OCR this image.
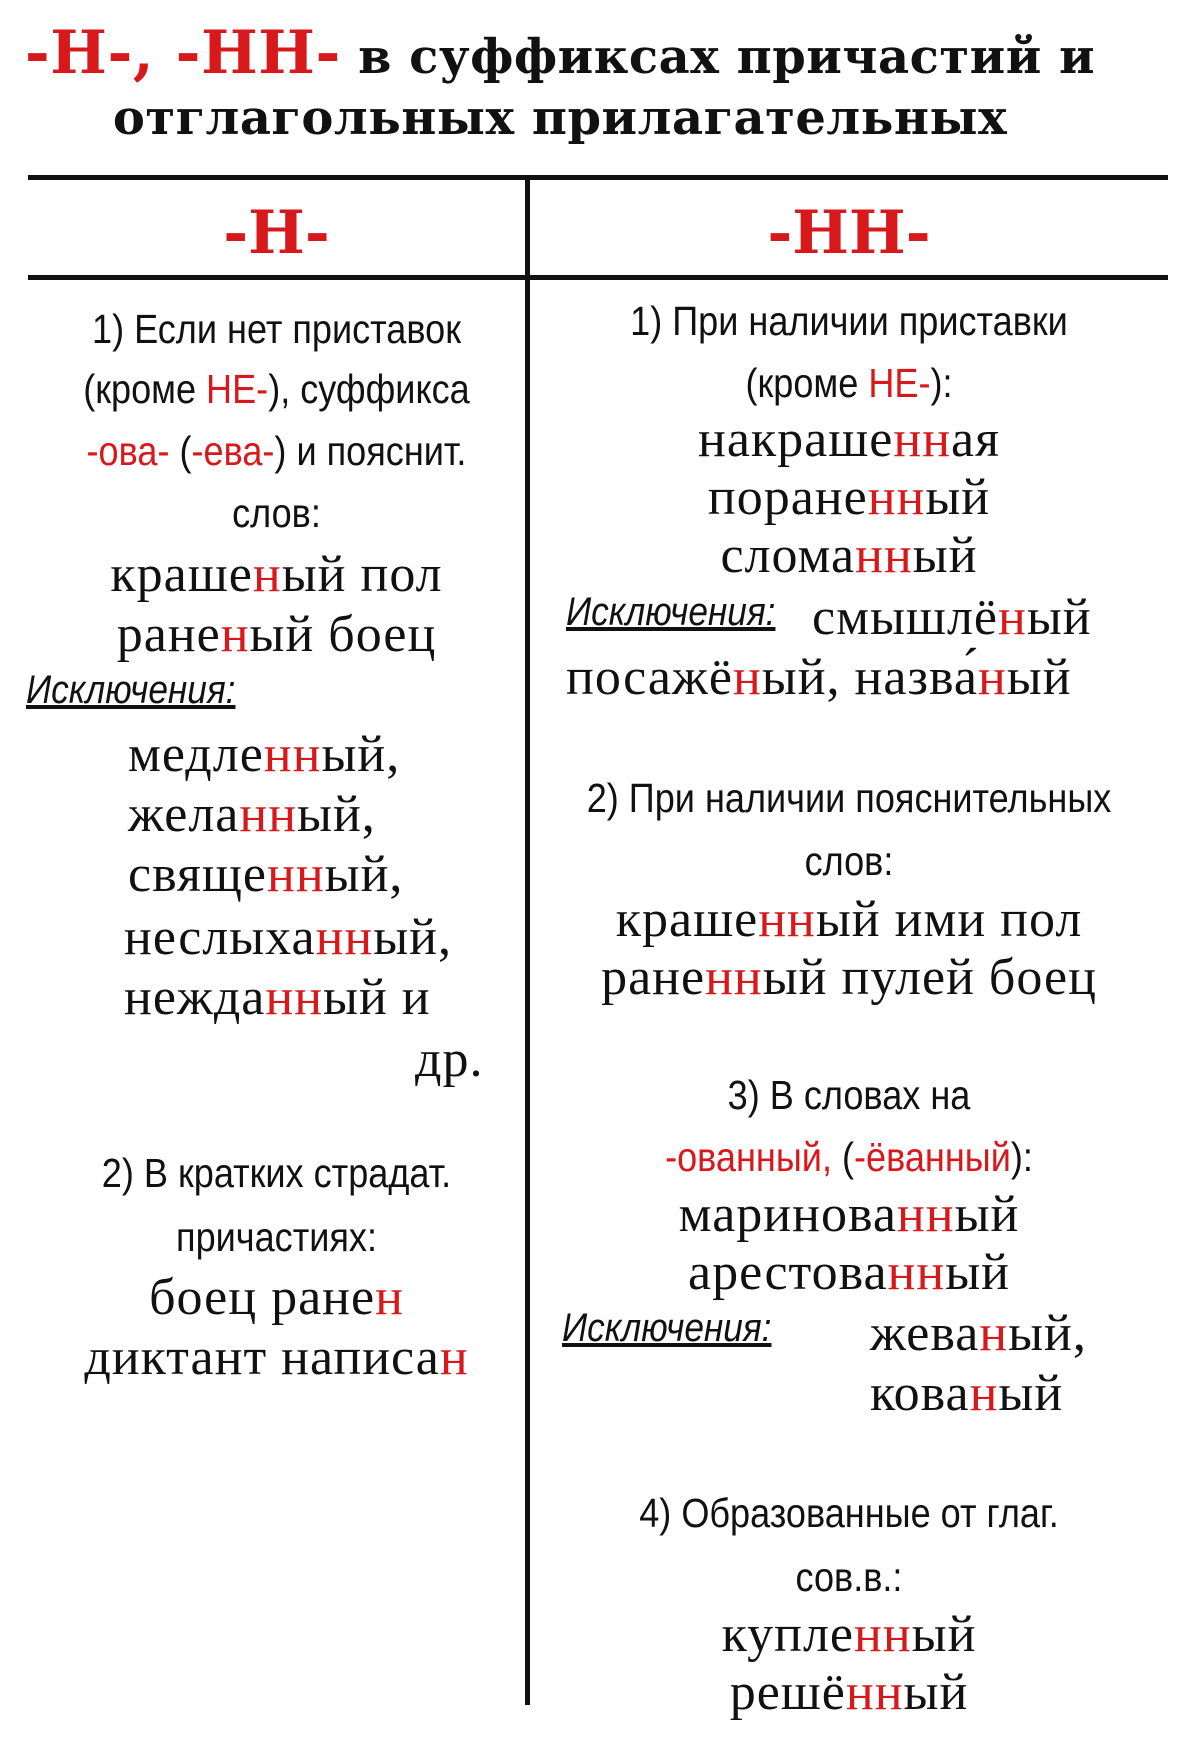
-Н-, -НН- в суффиксах причастий и
отглагольных прилагательных
-Н-	-НН-
1) Если нет приставок
(кроме НЕ-), суффикса
-ова- (-ева-) и пояснит.
слов:
крашеный пол
раненый боец
Исключения:
медленный,
желанный,
священный,
неслыханный,
нежданный и
др.
2) В кратких страдат.
причастиях:
боец ранен
диктант написан
1) При наличии приставки
(кроме НЕ-):
накрашенная
пораненный
сломанный
Исключения: смышлёный
посажёный, назва́ный
2) При наличии пояснительных
слов:
крашенный ими пол
раненный пулей боец
3) В словах на
-ованный, (-ёванный):
маринованный
арестованный
Исключения: жеваный,
кованый
4) Образованные от глаг.
сов.в.:
купленный
решённый
